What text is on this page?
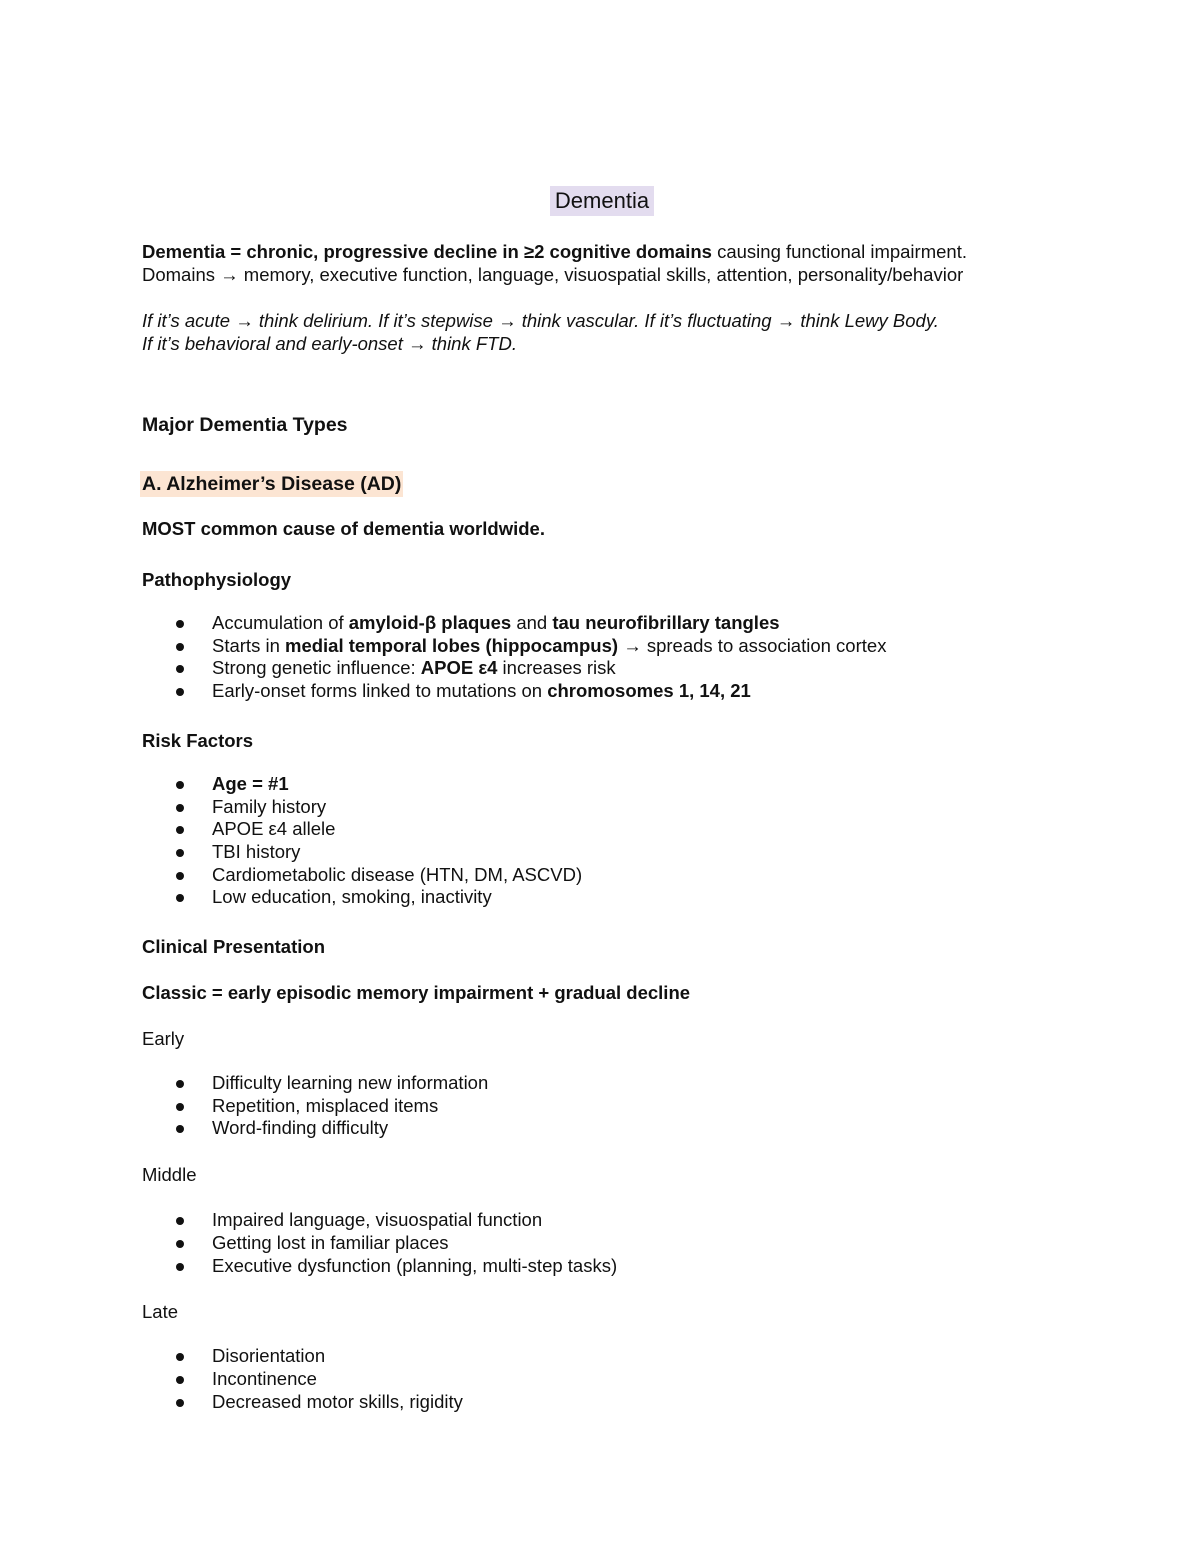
Dementia

Dementia = chronic, progressive decline in ≥2 cognitive domains causing functional impairment.

Domains → memory, executive function, language, visuospatial skills, attention, personality/behavior

If it’s acute → think delirium. If it’s stepwise → think vascular. If it’s fluctuating → think Lewy Body.

If it’s behavioral and early-onset → think FTD.

Major Dementia Types

A. Alzheimer’s Disease (AD)

MOST common cause of dementia worldwide.

Pathophysiology

Accumulation of amyloid-β plaques and tau neurofibrillary tangles
Starts in medial temporal lobes (hippocampus) → spreads to association cortex
Strong genetic influence: APOE ε4 increases risk
Early-onset forms linked to mutations on chromosomes 1, 14, 21

Risk Factors

Age = #1
Family history
APOE ε4 allele
TBI history
Cardiometabolic disease (HTN, DM, ASCVD)
Low education, smoking, inactivity

Clinical Presentation

Classic = early episodic memory impairment + gradual decline

Early

Difficulty learning new information
Repetition, misplaced items
Word-finding difficulty

Middle

Impaired language, visuospatial function
Getting lost in familiar places
Executive dysfunction (planning, multi-step tasks)

Late

Disorientation
Incontinence
Decreased motor skills, rigidity
